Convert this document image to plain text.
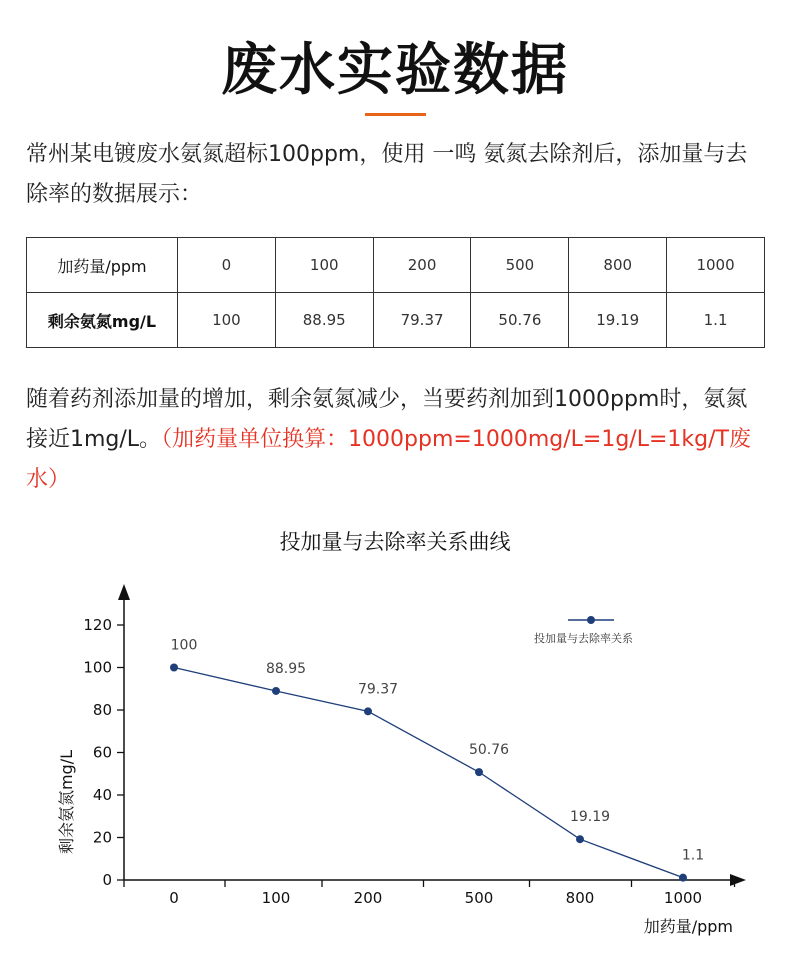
废水实验数据
常州某电镀废水氨氮超标100ppm，使用 一鸣 氨氮去除剂后，添加量与去除率的数据展示：
加药量/ppm	0	100	200	500	800	1000
剩余氨氮mg/L	100	88.95	79.37	50.76	19.19	1.1
随着药剂添加量的增加，剩余氨氮减少，当要药剂加到1000ppm时，氨氮接近1mg/L。（加药量单位换算：1000ppm=1000mg/L=1g/L=1kg/T废水）
投加量与去除率关系曲线
加药量/ppm
剩余氨氮mg/L
0
20
40
60
80
100
120
0	100	200	500	800	1000
100
88.95
79.37
50.76
19.19
1.1
投加量与去除率关系
